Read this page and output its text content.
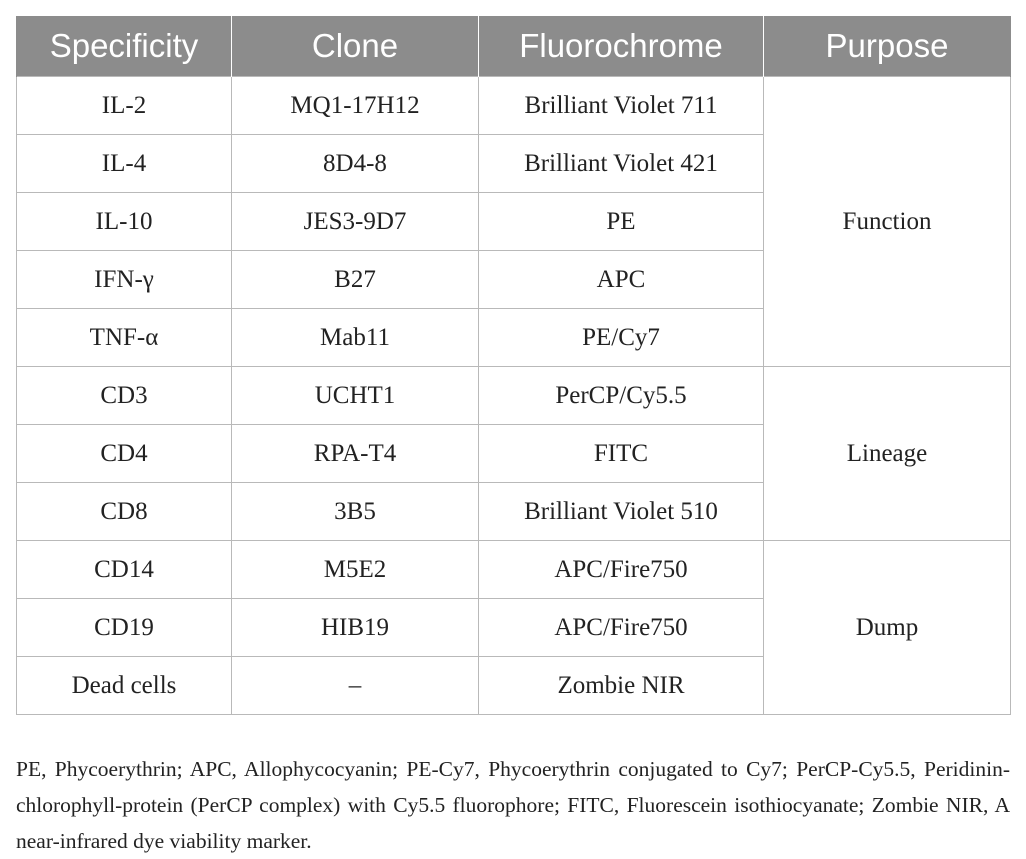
Specificity	Clone	Fluorochrome	Purpose
IL-2	MQ1-17H12	Brilliant Violet 711	Function
IL-4	8D4-8	Brilliant Violet 421	
IL-10	JES3-9D7	PE	
IFN-γ	B27	APC	
TNF-α	Mab11	PE/Cy7	
CD3	UCHT1	PerCP/Cy5.5	Lineage
CD4	RPA-T4	FITC	
CD8	3B5	Brilliant Violet 510	
CD14	M5E2	APC/Fire750	Dump
CD19	HIB19	APC/Fire750	
Dead cells	–	Zombie NIR	

PE, Phycoerythrin; APC, Allophycocyanin; PE-Cy7, Phycoerythrin conjugated to Cy7; PerCP-Cy5.5, Peridinin-chlorophyll-protein (PerCP complex) with Cy5.5 fluorophore; FITC, Fluorescein isothiocyanate; Zombie NIR, A near-infrared dye viability marker.
